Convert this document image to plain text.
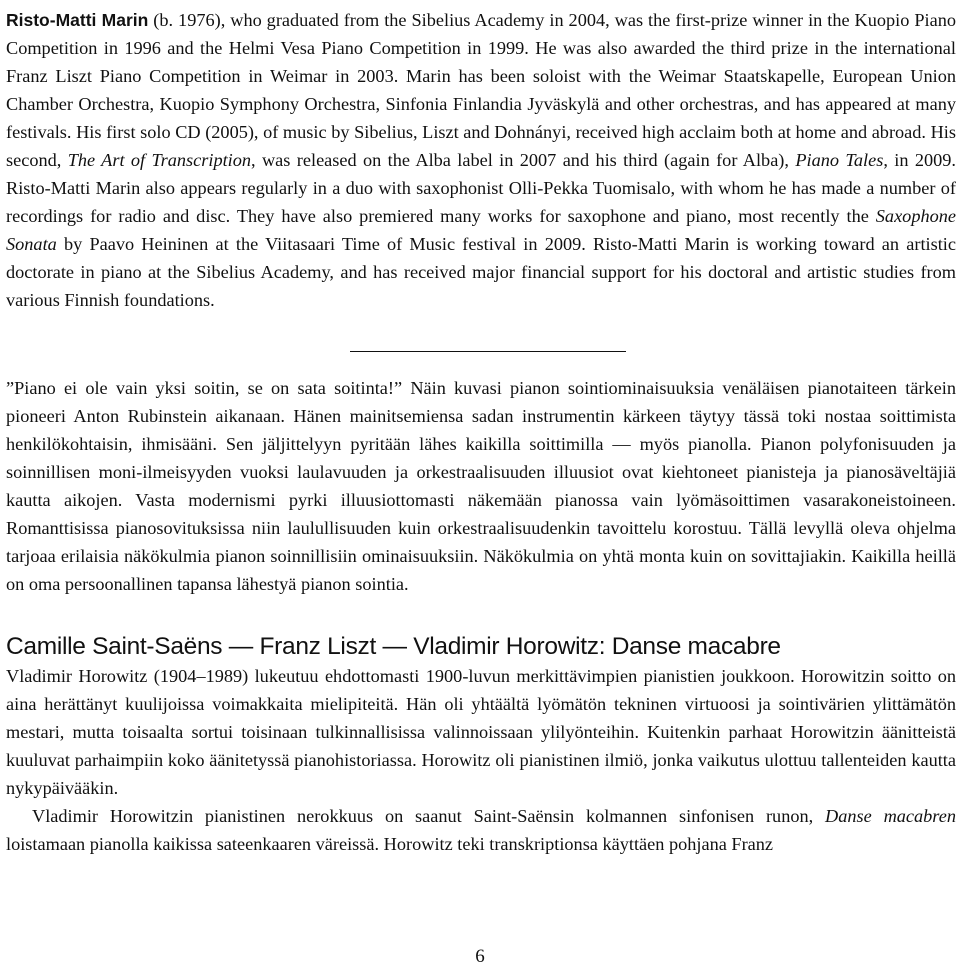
Risto-Matti Marin (b. 1976), who graduated from the Sibelius Academy in 2004, was the first-prize winner in the Kuopio Piano Competition in 1996 and the Helmi Vesa Piano Competition in 1999. He was also awarded the third prize in the international Franz Liszt Piano Competition in Weimar in 2003. Marin has been soloist with the Weimar Staatskapelle, European Union Chamber Orchestra, Kuopio Symphony Orchestra, Sinfonia Finlandia Jyväskylä and other orchestras, and has appeared at many festivals. His first solo CD (2005), of music by Sibelius, Liszt and Dohnányi, received high acclaim both at home and abroad. His second, The Art of Transcription, was released on the Alba label in 2007 and his third (again for Alba), Piano Tales, in 2009. Risto-Matti Marin also appears regularly in a duo with saxophonist Olli-Pekka Tuomisalo, with whom he has made a number of recordings for radio and disc. They have also premiered many works for saxophone and piano, most recently the Saxophone Sonata by Paavo Heininen at the Viitasaari Time of Music festival in 2009. Risto-Matti Marin is working toward an artistic doctorate in piano at the Sibelius Academy, and has received major financial support for his doctoral and artistic studies from various Finnish foundations.

”Piano ei ole vain yksi soitin, se on sata soitinta!” Näin kuvasi pianon sointiominaisuuksia venäläisen pianotaiteen tärkein pioneeri Anton Rubinstein aikanaan. Hänen mainitsemiensa sadan instrumentin kärkeen täytyy tässä toki nostaa soittimista henkilökohtaisin, ihmisääni. Sen jäljittelyyn pyritään lähes kaikilla soittimilla — myös pianolla. Pianon polyfonisuuden ja soinnillisen moni-ilmeisyyden vuoksi laulavuuden ja orkestraalisuuden illuusiot ovat kiehtoneet pianisteja ja pianosäveltäjiä kautta aikojen. Vasta modernismi pyrki illuusiottomasti näkemään pianossa vain lyömäsoittimen vasarakoneistoineen. Romanttisissa pianosovituksissa niin laulullisuuden kuin orkestraalisuudenkin tavoittelu korostuu. Tällä levyllä oleva ohjelma tarjoaa erilaisia näkökulmia pianon soinnillisiin ominaisuuksiin. Näkökulmia on yhtä monta kuin on sovittajiakin. Kaikilla heillä on oma persoonallinen tapansa lähestyä pianon sointia.

Camille Saint-Saëns — Franz Liszt — Vladimir Horowitz: Danse macabre

Vladimir Horowitz (1904–1989) lukeutuu ehdottomasti 1900-luvun merkittävimpien pianistien joukkoon. Horowitzin soitto on aina herättänyt kuulijoissa voimakkaita mielipiteitä. Hän oli yhtäältä lyömätön tekninen virtuoosi ja sointivärien ylittämätön mestari, mutta toisaalta sortui toisinaan tulkinnallisissa valinnoissaan ylilyönteihin. Kuitenkin parhaat Horowitzin äänitteistä kuuluvat parhaimpiin koko äänitetyssä pianohistoriassa. Horowitz oli pianistinen ilmiö, jonka vaikutus ulottuu tallenteiden kautta nykypäivääkin.

Vladimir Horowitzin pianistinen nerokkuus on saanut Saint-Saënsin kolmannen sinfonisen runon, Danse macabren loistamaan pianolla kaikissa sateenkaaren väreissä. Horowitz teki transkriptionsa käyttäen pohjana Franz

6
